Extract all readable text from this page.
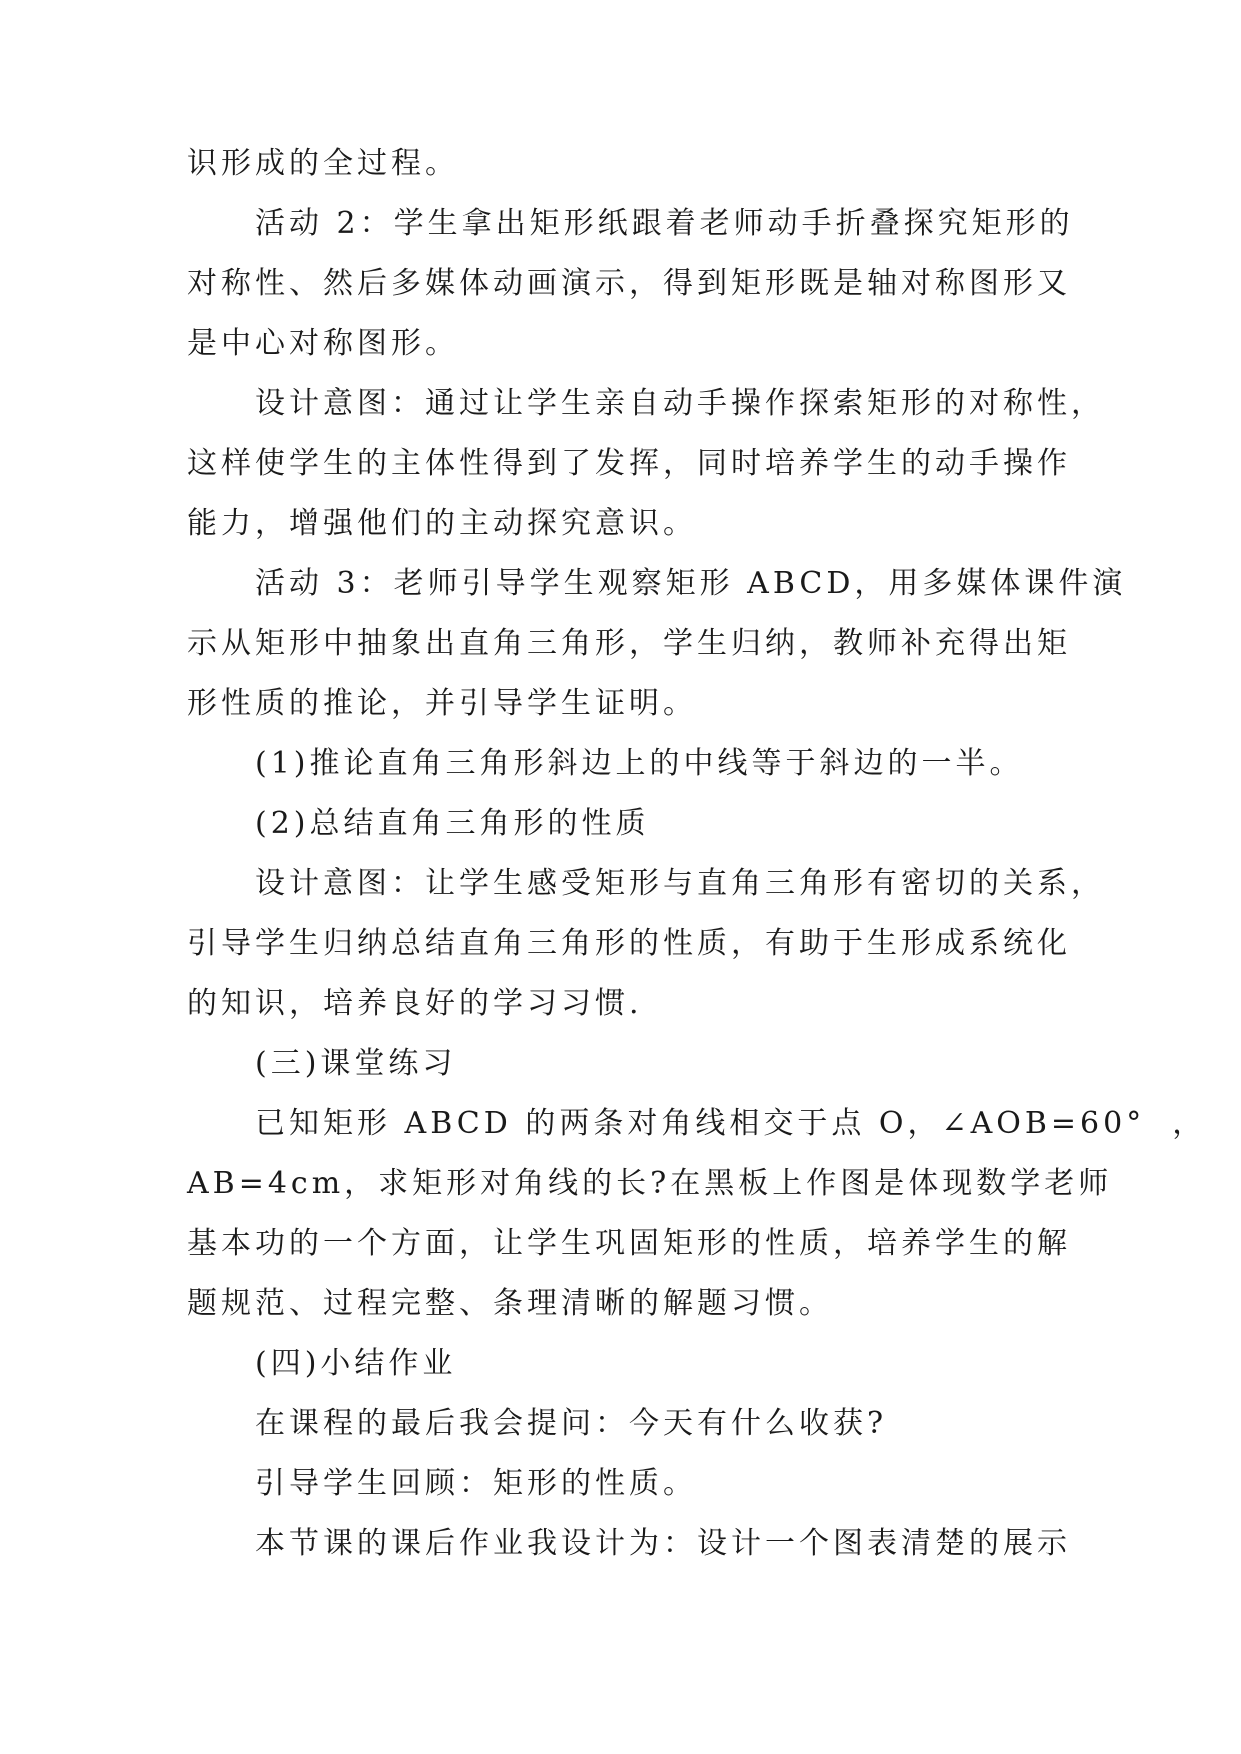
识形成的全过程。
活动 2：学生拿出矩形纸跟着老师动手折叠探究矩形的
对称性、然后多媒体动画演示，得到矩形既是轴对称图形又
是中心对称图形。
设计意图：通过让学生亲自动手操作探索矩形的对称性，
这样使学生的主体性得到了发挥，同时培养学生的动手操作
能力，增强他们的主动探究意识。
活动 3：老师引导学生观察矩形 ABCD，用多媒体课件演
示从矩形中抽象出直角三角形，学生归纳，教师补充得出矩
形性质的推论，并引导学生证明。
(1)推论直角三角形斜边上的中线等于斜边的一半。
(2)总结直角三角形的性质
设计意图：让学生感受矩形与直角三角形有密切的关系，
引导学生归纳总结直角三角形的性质，有助于生形成系统化
的知识，培养良好的学习习惯.
(三)课堂练习
已知矩形 ABCD 的两条对角线相交于点 O，∠AOB=60°  ，
AB=4cm，求矩形对角线的长?在黑板上作图是体现数学老师
基本功的一个方面，让学生巩固矩形的性质，培养学生的解
题规范、过程完整、条理清晰的解题习惯。
(四)小结作业
在课程的最后我会提问：今天有什么收获?
引导学生回顾：矩形的性质。
本节课的课后作业我设计为：设计一个图表清楚的展示
